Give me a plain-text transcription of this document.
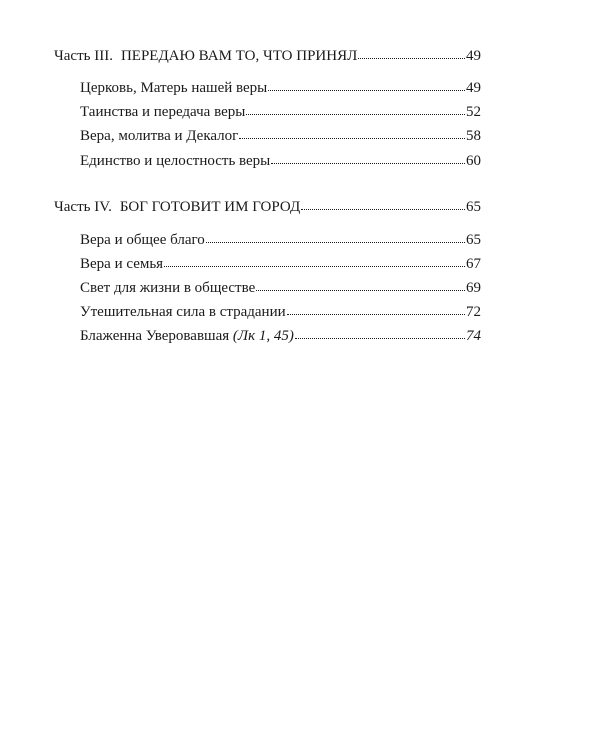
Часть III. ПЕРЕДАЮ ВАМ ТО, ЧТО ПРИНЯЛ	49
Церковь, Матерь нашей веры	49
Таинства и передача веры	52
Вера, молитва и Декалог	58
Единство и целостность веры	60
Часть IV. БОГ ГОТОВИТ ИМ ГОРОД	65
Вера и общее благо	65
Вера и семья	67
Свет для жизни в обществе	69
Утешительная сила в страдании	72
Блаженна Уверовавшая (Лк 1, 45)	74
